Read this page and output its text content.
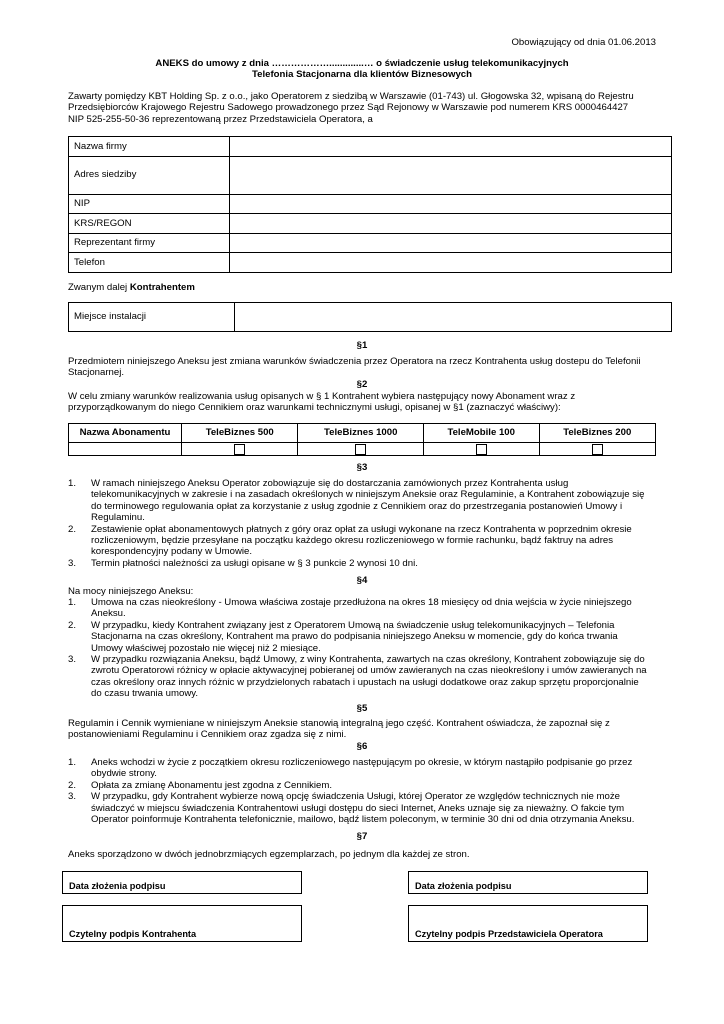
Obowiązujący od dnia 01.06.2013
ANEKS do umowy z dnia ……………….............… o świadczenie usług telekomunikacyjnych
Telefonia Stacjonarna dla klientów Biznesowych
Zawarty pomiędzy KBT Holding Sp. z o.o., jako Operatorem z siedzibą w Warszawie (01-743) ul. Głogowska 32, wpisaną do Rejestru
Przedsiębiorców Krajowego Rejestru Sadowego prowadzonego przez Sąd Rejonowy w Warszawie pod numerem KRS 0000464427
NIP 525-255-50-36 reprezentowaną przez Przedstawiciela Operatora, a
Nazwa firmy	
Adres siedziby	
NIP	
KRS/REGON	
Reprezentant firmy	
Telefon	
Zwanym dalej Kontrahentem
Miejsce instalacji	
§1
Przedmiotem niniejszego Aneksu jest zmiana warunków świadczenia przez Operatora na rzecz Kontrahenta usług dostepu do Telefonii
Stacjonarnej.
§2
W celu zmiany warunków realizowania usług opisanych w § 1 Kontrahent wybiera następujący nowy Abonament wraz z
przyporządkowanym do niego Cennikiem oraz warunkami technicznymi usługi, opisanej w §1 (zaznaczyć właściwy):
Nazwa Abonamentu	TeleBiznes 500	TeleBiznes 1000	TeleMobile 100	TeleBiznes 200

§3
1. W ramach niniejszego Aneksu Operator zobowiązuje się do dostarczania zamówionych przez Kontrahenta usług
telekomunikacyjnych w zakresie i na zasadach określonych w niniejszym Aneksie oraz Regulaminie, a Kontrahent zobowiązuje się
do terminowego regulowania opłat za korzystanie z usług zgodnie z Cennikiem oraz do przestrzegania postanowień Umowy i
Regulaminu.
2. Zestawienie opłat abonamentowych płatnych z góry oraz opłat za usługi wykonane na rzecz Kontrahenta w poprzednim okresie
rozliczeniowym, będzie przesyłane na początku każdego okresu rozliczeniowego w formie rachunku, bądź faktruy na adres
korespondencyjny podany w Umowie.
3. Termin płatności należności za usługi opisane w § 3 punkcie 2 wynosi 10 dni.
§4
Na mocy niniejszego Aneksu:
1. Umowa na czas nieokreślony - Umowa właściwa zostaje przedłużona na okres 18 miesięcy od dnia wejścia w życie niniejszego
Aneksu.
2. W przypadku, kiedy Kontrahent związany jest z Operatorem Umową na świadczenie usług telekomunikacyjnych – Telefonia
Stacjonarna na czas określony, Kontrahent ma prawo do podpisania niniejszego Aneksu w momencie, gdy do końca trwania
Umowy właściwej pozostało nie więcej niż 2 miesiące.
3. W przypadku rozwiązania Aneksu, bądź Umowy, z winy Kontrahenta, zawartych na czas określony, Kontrahent zobowiązuje się do
zwrotu Operatorowi różnicy w opłacie aktywacyjnej pobieranej od umów zawieranych na czas nieokreślony i umów zawieranych na
czas określony oraz innych różnic w przydzielonych rabatach i upustach na usługi dodatkowe oraz zakup sprzętu proporcjonalnie
do czasu trwania umowy.
§5
Regulamin i Cennik wymieniane w niniejszym Aneksie stanowią integralną jego część. Kontrahent oświadcza, że zapoznał się z
postanowieniami Regulaminu i Cennikiem oraz zgadza się z nimi.
§6
1. Aneks wchodzi w życie z początkiem okresu rozliczeniowego następującym po okresie, w którym nastąpiło podpisanie go przez
obydwie strony.
2. Opłata za zmianę Abonamentu jest zgodna z Cennikiem.
3. W przypadku, gdy Kontrahent wybierze nową opcję świadczenia Usługi, której Operator ze względów technicznych nie może
świadczyć w miejscu świadczenia Kontrahentowi usługi dostępu do sieci Internet, Aneks uznaje się za nieważny. O fakcie tym
Operator poinformuje Kontrahenta telefonicznie, mailowo, bądź listem poleconym, w terminie 30 dni od dnia otrzymania Aneksu.
§7
Aneks sporządzono w dwóch jednobrzmiących egzemplarzach, po jednym dla każdej ze stron.
Data złożenia podpisu	Data złożenia podpisu
Czytelny podpis Kontrahenta	Czytelny podpis Przedstawiciela Operatora
